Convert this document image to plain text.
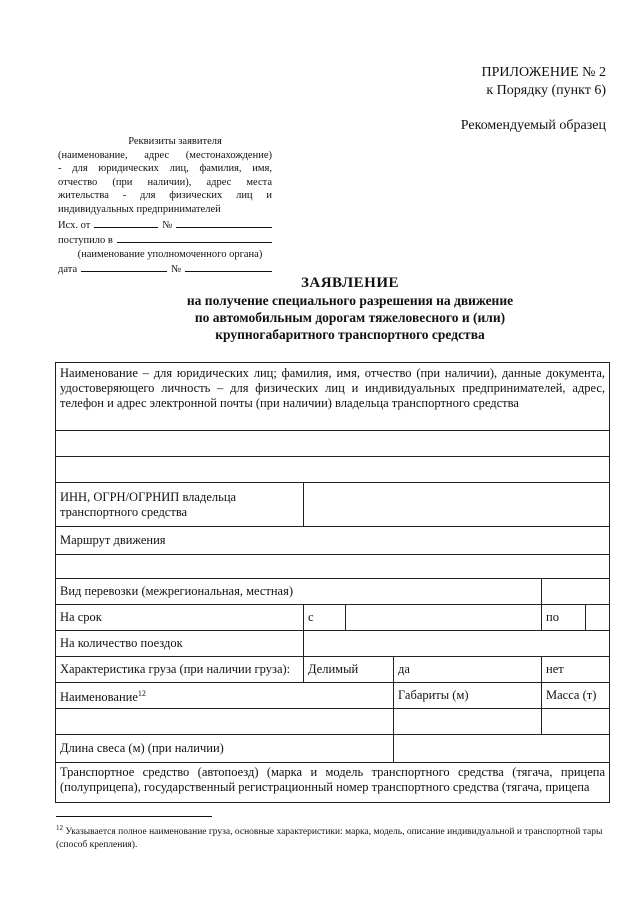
ПРИЛОЖЕНИЕ № 2
к Порядку (пункт 6)
Рекомендуемый образец
Реквизиты заявителя
(наименование, адрес (местонахождение)
- для юридических лиц, фамилия, имя,
отчество (при наличии), адрес места
жительства - для физических лиц и
индивидуальных предпринимателей
Исх. от	№
поступило в
(наименование уполномоченного органа)
дата	№
ЗАЯВЛЕНИЕ
на получение специального разрешения на движение
по автомобильным дорогам тяжеловесного и (или)
крупногабаритного транспортного средства
Наименование – для юридических лиц; фамилия, имя, отчество (при наличии), данные документа, удостоверяющего личность – для физических лиц и индивидуальных предпринимателей, адрес, телефон и адрес электронной почты (при наличии) владельца транспортного средства					

ИНН, ОГРН/ОГРНИП владельца транспортного средства					
Маршрут движения					

Вид перевозки (межрегиональная, местная)					
На срок	с			по	
На количество поездок					
Характеристика груза (при наличии груза):	Делимый		да	нет	
Наименование$^{12}$			Габариты (м)	Масса (т)	

Длина свеса (м) (при наличии)					
Транспортное средство (автопоезд) (марка и модель транспортного средства (тягача, прицепа (полуприцепа), государственный регистрационный номер транспортного средства (тягача, прицепа					
$^{12}$ Указывается полное наименование груза, основные характеристики: марка, модель, описание индивидуальной и транспортной тары (способ крепления).
